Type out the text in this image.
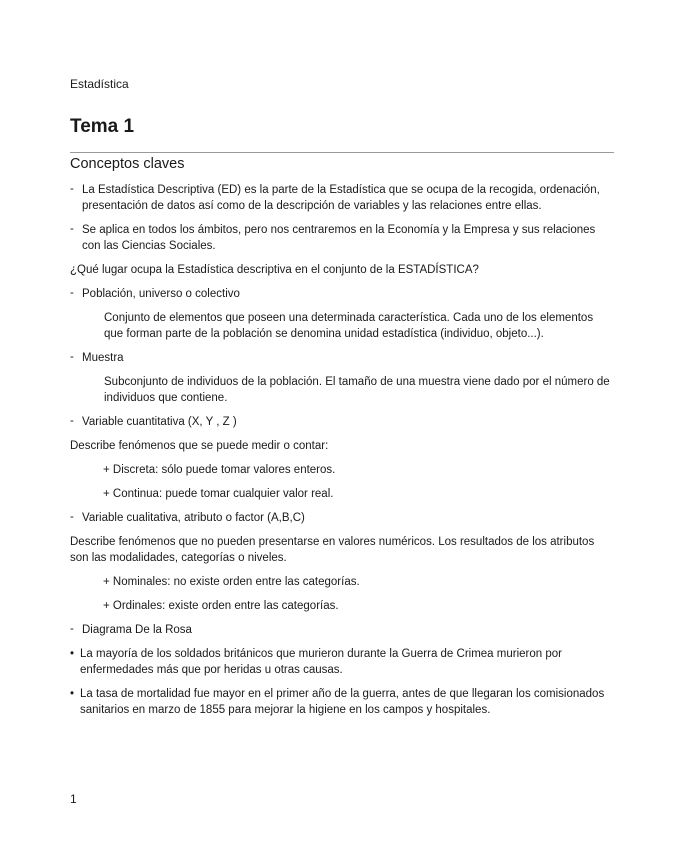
Estadística
Tema 1
Conceptos claves
- La Estadística Descriptiva (ED) es la parte de la Estadística que se ocupa de la recogida, ordenación, presentación de datos así como de la descripción de variables y las relaciones entre ellas.
- Se aplica en todos los ámbitos, pero nos centraremos en la Economía y la Empresa y sus relaciones con las Ciencias Sociales.
¿Qué lugar ocupa la Estadística descriptiva en el conjunto de la ESTADÍSTICA?
- Población, universo o colectivo
Conjunto de elementos que poseen una determinada característica. Cada uno de los elementos que forman parte de la población se denomina unidad estadística (individuo, objeto...).
- Muestra
Subconjunto de individuos de la población. El tamaño de una muestra viene dado por el número de individuos que contiene.
- Variable cuantitativa (X, Y , Z )
Describe fenómenos que se puede medir o contar:
+ Discreta: sólo puede tomar valores enteros.
+ Continua: puede tomar cualquier valor real.
- Variable cualitativa, atributo o factor (A,B,C)
Describe fenómenos que no pueden presentarse en valores numéricos. Los resultados de los atributos son las modalidades, categorías o niveles.
+ Nominales: no existe orden entre las categorías.
+ Ordinales: existe orden entre las categorías.
- Diagrama De la Rosa
• La mayoría de los soldados británicos que murieron durante la Guerra de Crimea murieron por enfermedades más que por heridas u otras causas.
• La tasa de mortalidad fue mayor en el primer año de la guerra, antes de que llegaran los comisionados sanitarios en marzo de 1855 para mejorar la higiene en los campos y hospitales.
1
